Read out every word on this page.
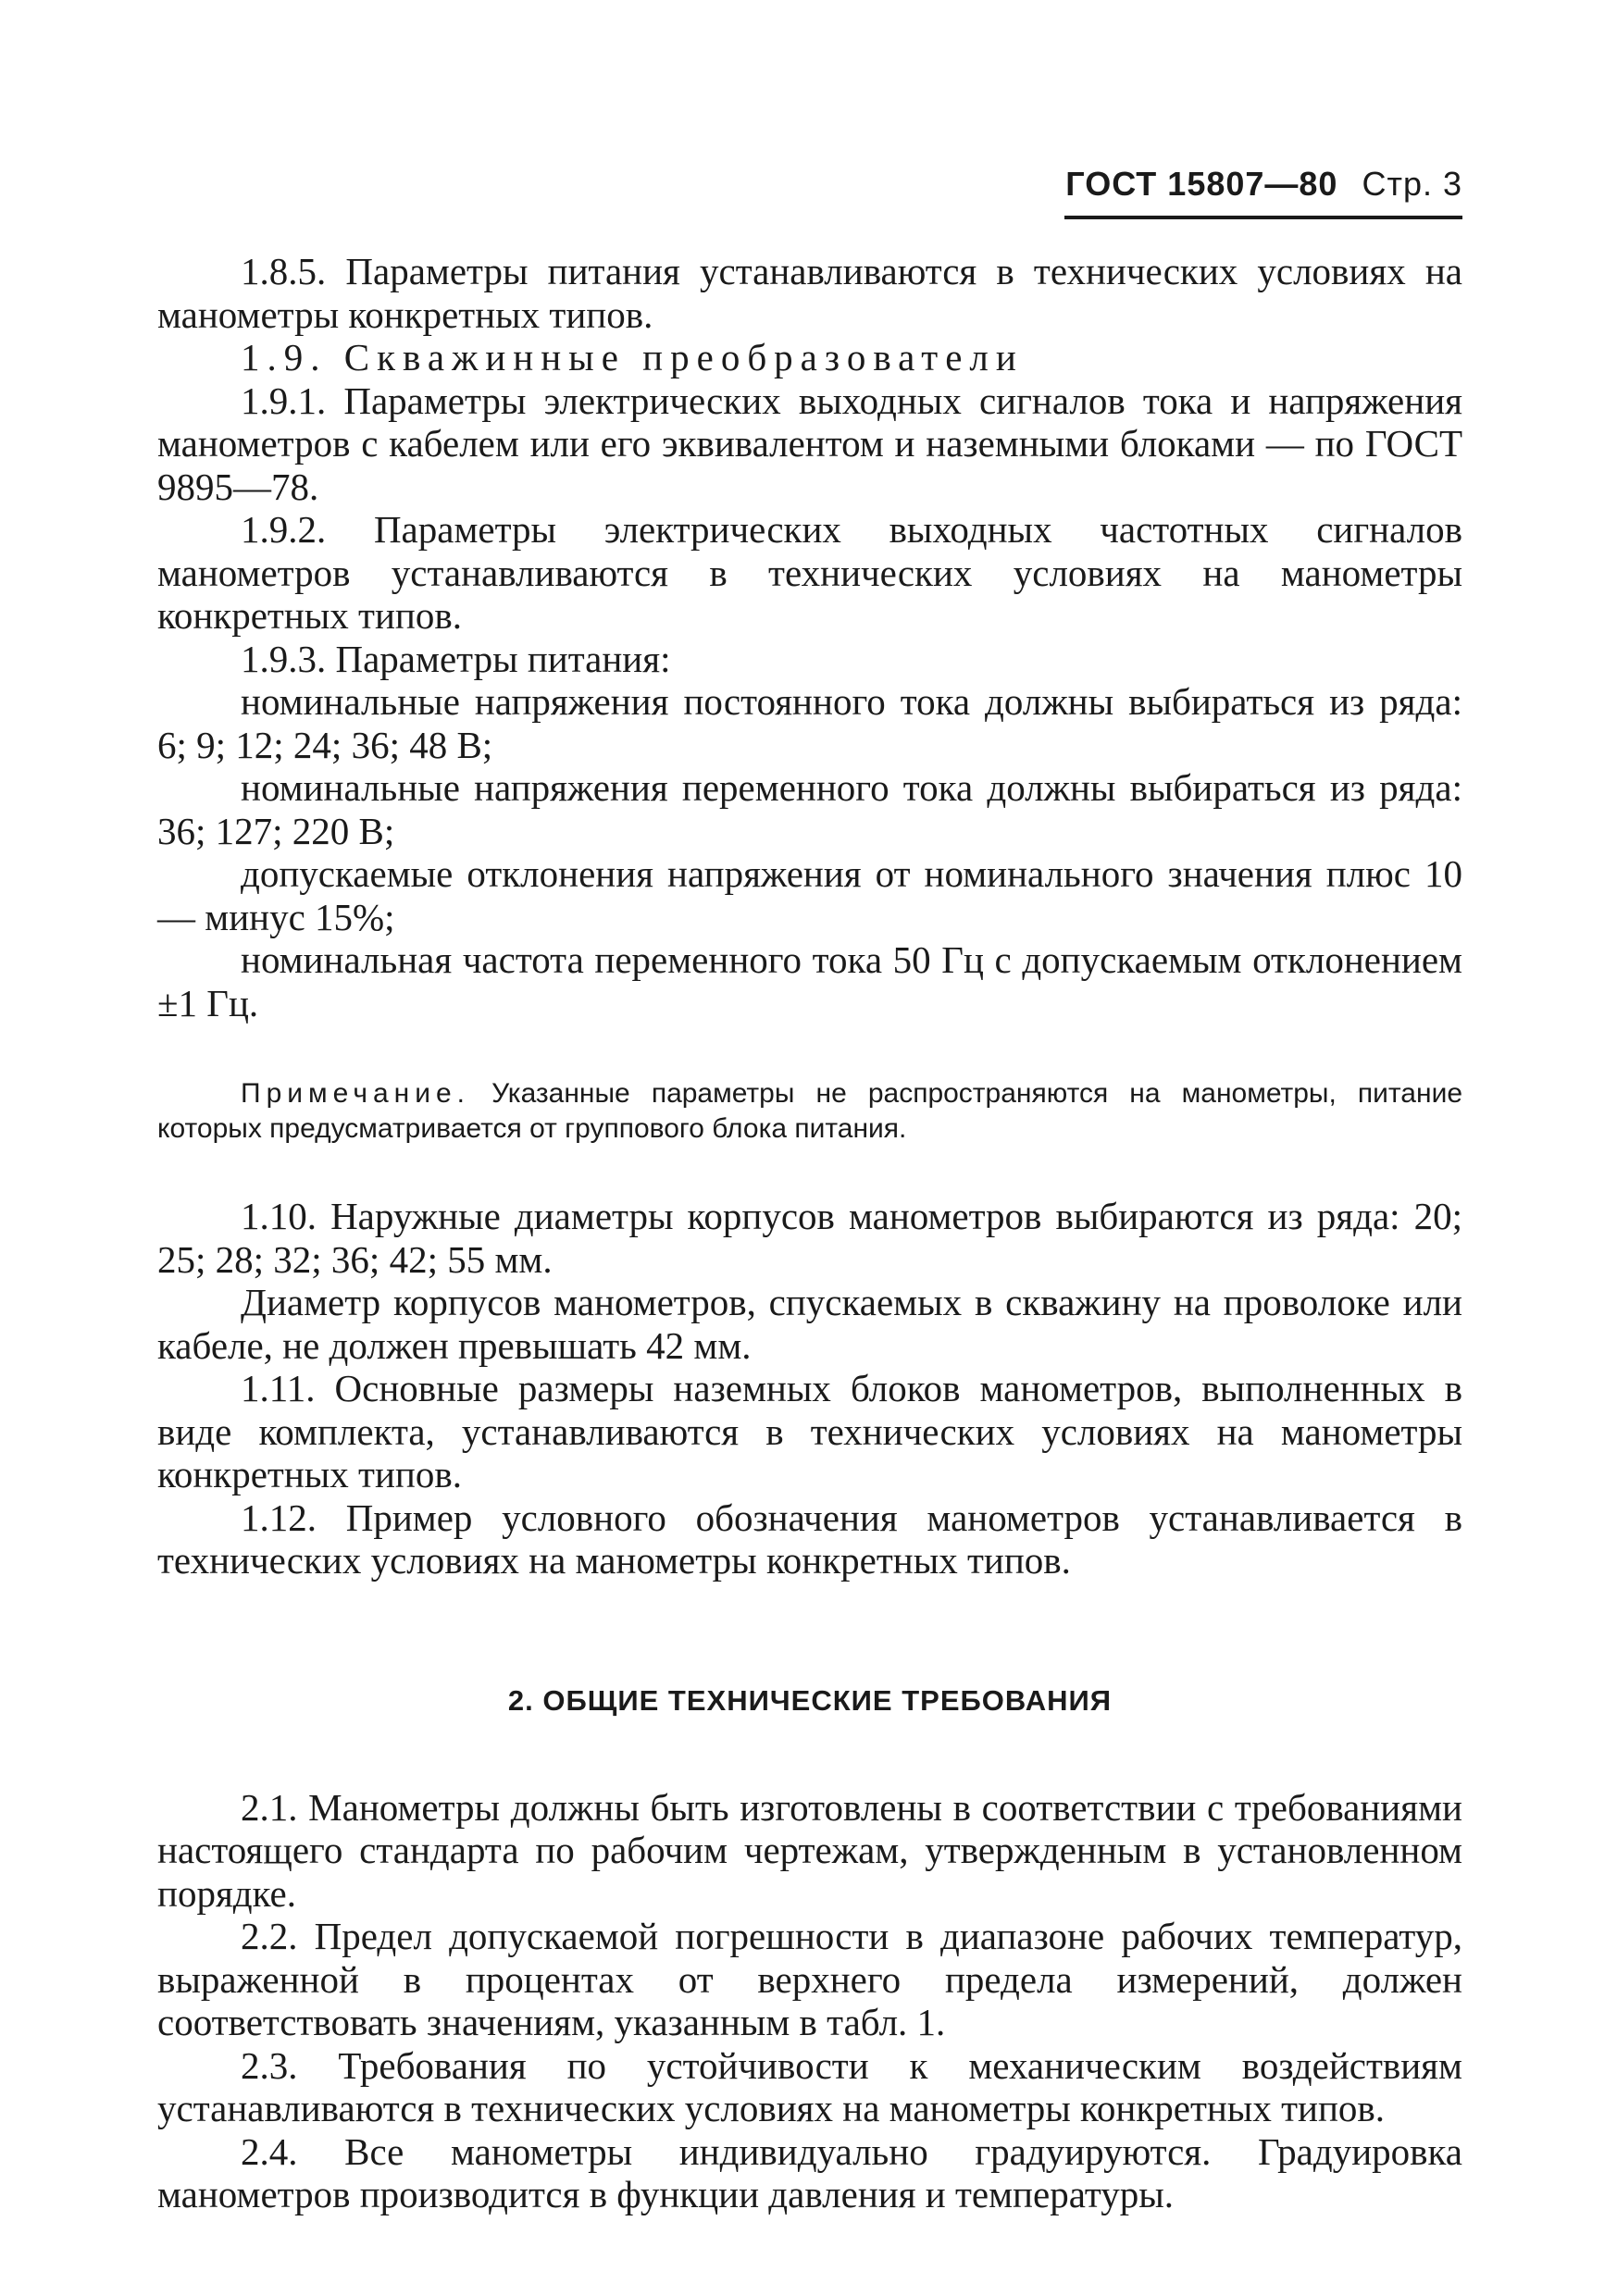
ГОСТ 15807—80 Стр. 3

1.8.5. Параметры питания устанавливаются в технических условиях на манометры конкретных типов.

1.9. Скважинные преобразователи

1.9.1. Параметры электрических выходных сигналов тока и напряжения манометров с кабелем или его эквивалентом и наземными блоками — по ГОСТ 9895—78.

1.9.2. Параметры электрических выходных частотных сигналов манометров устанавливаются в технических условиях на манометры конкретных типов.

1.9.3. Параметры питания:

номинальные напряжения постоянного тока должны выбираться из ряда: 6; 9; 12; 24; 36; 48 В;

номинальные напряжения переменного тока должны выбираться из ряда: 36; 127; 220 В;

допускаемые отклонения напряжения от номинального значения плюс 10 — минус 15%;

номинальная частота переменного тока 50 Гц с допускаемым отклонением ±1 Гц.

Примечание. Указанные параметры не распространяются на манометры, питание которых предусматривается от группового блока питания.

1.10. Наружные диаметры корпусов манометров выбираются из ряда: 20; 25; 28; 32; 36; 42; 55 мм.

Диаметр корпусов манометров, спускаемых в скважину на проволоке или кабеле, не должен превышать 42 мм.

1.11. Основные размеры наземных блоков манометров, выполненных в виде комплекта, устанавливаются в технических условиях на манометры конкретных типов.

1.12. Пример условного обозначения манометров устанавливается в технических условиях на манометры конкретных типов.

2. ОБЩИЕ ТЕХНИЧЕСКИЕ ТРЕБОВАНИЯ

2.1. Манометры должны быть изготовлены в соответствии с требованиями настоящего стандарта по рабочим чертежам, утвержденным в установленном порядке.

2.2. Предел допускаемой погрешности в диапазоне рабочих температур, выраженной в процентах от верхнего предела измерений, должен соответствовать значениям, указанным в табл. 1.

2.3. Требования по устойчивости к механическим воздействиям устанавливаются в технических условиях на манометры конкретных типов.

2.4. Все манометры индивидуально градуируются. Градуировка манометров производится в функции давления и температуры.
